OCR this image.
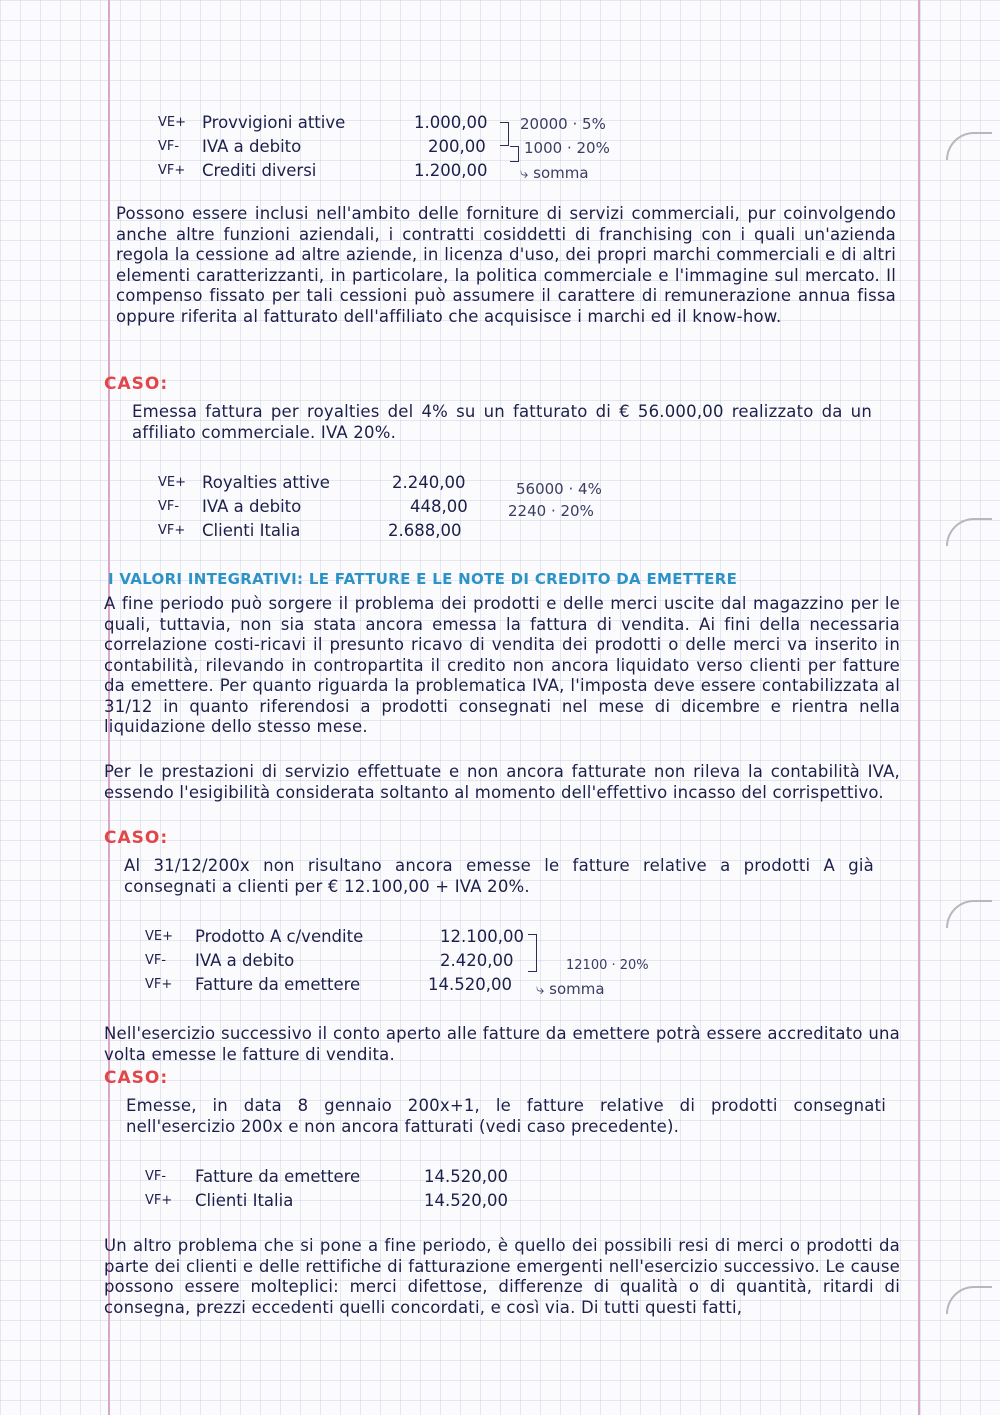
VE+ Provvigioni attive	1.000,00
VF- IVA a debito	200,00
VF+ Crediti diversi	1.200,00
20000 · 5%
1000 · 20%
⤷ somma

Possono essere inclusi nell'ambito delle forniture di servizi commerciali, pur coinvolgendo anche altre funzioni aziendali, i contratti cosiddetti di franchising con i quali un'azienda regola la cessione ad altre aziende, in licenza d'uso, dei propri marchi commerciali e di altri elementi caratterizzanti, in particolare, la politica commerciale e l'immagine sul mercato. Il compenso fissato per tali cessioni può assumere il carattere di remunerazione annua fissa oppure riferita al fatturato dell'affiliato che acquisisce i marchi ed il know-how.

CASO:

Emessa fattura per royalties del 4% su un fatturato di € 56.000,00 realizzato da un affiliato commerciale. IVA 20%.

VE+ Royalties attive	2.240,00
VF- IVA a debito	448,00
VF+ Clienti Italia	2.688,00
56000 · 4%
2240 · 20%
I VALORI INTEGRATIVI: LE FATTURE E LE NOTE DI CREDITO DA EMETTERE

A fine periodo può sorgere il problema dei prodotti e delle merci uscite dal magazzino per le quali, tuttavia, non sia stata ancora emessa la fattura di vendita. Ai fini della necessaria correlazione costi-ricavi il presunto ricavo di vendita dei prodotti o delle merci va inserito in contabilità, rilevando in contropartita il credito non ancora liquidato verso clienti per fatture da emettere. Per quanto riguarda la problematica IVA, l'imposta deve essere contabilizzata al 31/12 in quanto riferendosi a prodotti consegnati nel mese di dicembre e rientra nella liquidazione dello stesso mese.

Per le prestazioni di servizio effettuate e non ancora fatturate non rileva la contabilità IVA, essendo l'esigibilità considerata soltanto al momento dell'effettivo incasso del corrispettivo.

CASO:

Al 31/12/200x non risultano ancora emesse le fatture relative a prodotti A già consegnati a clienti per € 12.100,00 + IVA 20%.

VE+ Prodotto A c/vendite	12.100,00
VF- IVA a debito	2.420,00
VF+ Fatture da emettere	14.520,00
12100 · 20%
⤷ somma

Nell'esercizio successivo il conto aperto alle fatture da emettere potrà essere accreditato una volta emesse le fatture di vendita.

CASO:

Emesse, in data 8 gennaio 200x+1, le fatture relative di prodotti consegnati nell'esercizio 200x e non ancora fatturati (vedi caso precedente).

VF- Fatture da emettere	14.520,00
VF+ Clienti Italia	14.520,00

Un altro problema che si pone a fine periodo, è quello dei possibili resi di merci o prodotti da parte dei clienti e delle rettifiche di fatturazione emergenti nell'esercizio successivo. Le cause possono essere molteplici: merci difettose, differenze di qualità o di quantità, ritardi di consegna, prezzi eccedenti quelli concordati, e così via. Di tutti questi fatti,
